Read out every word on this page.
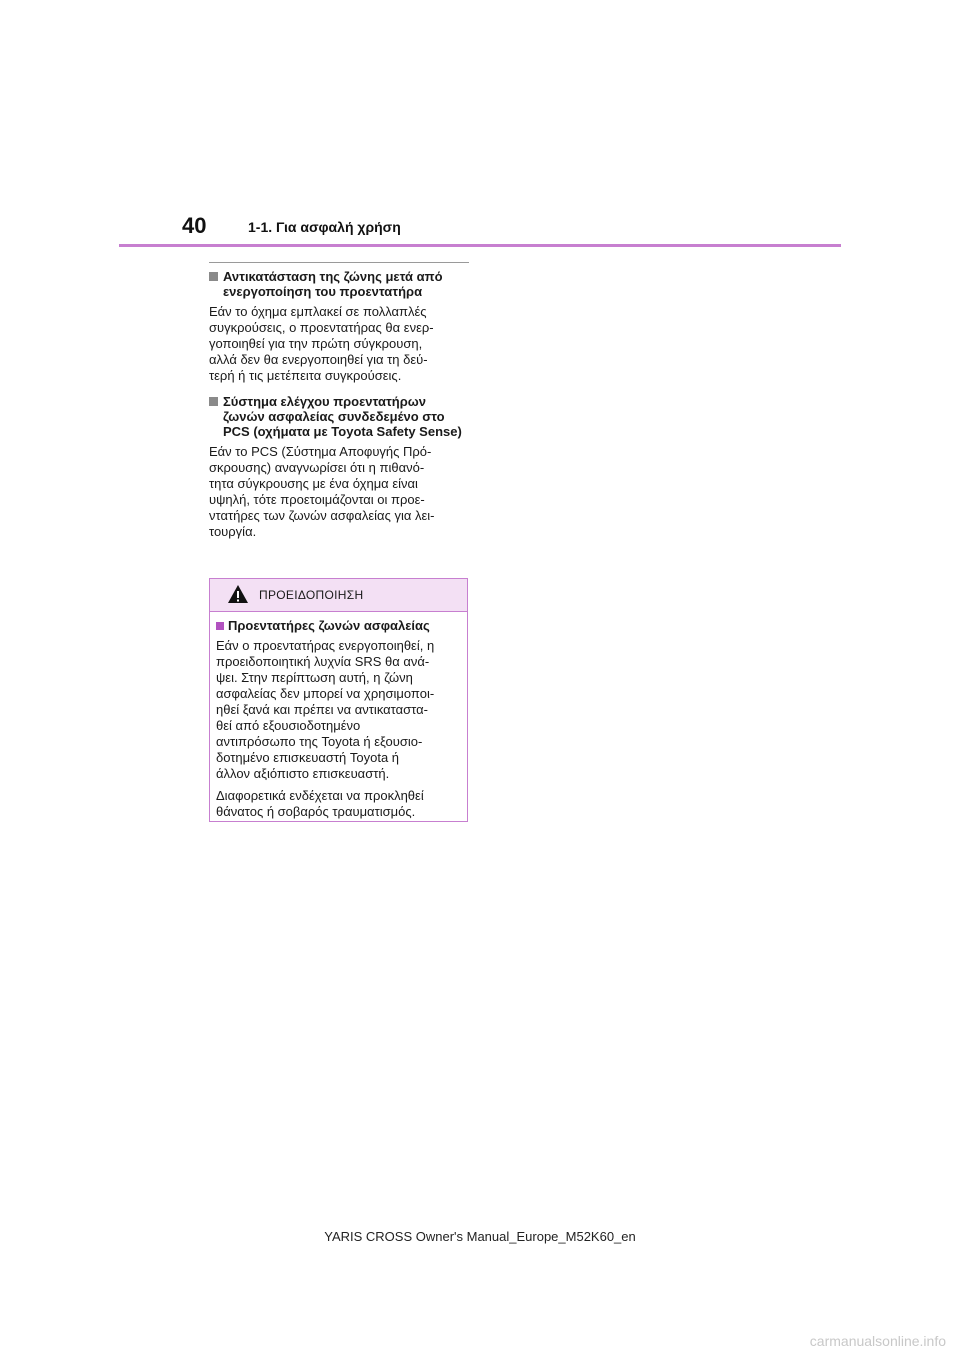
40	1-1. Για ασφαλή χρήση
Αντικατάσταση της ζώνης μετά από ενεργοποίηση του προεντατήρα

Εάν το όχημα εμπλακεί σε πολλαπλές
συγκρούσεις, ο προεντατήρας θα ενερ-
γοποιηθεί για την πρώτη σύγκρουση,
αλλά δεν θα ενεργοποιηθεί για τη δεύ-
τερή ή τις μετέπειτα συγκρούσεις.

Σύστημα ελέγχου προεντατήρων ζωνών ασφαλείας συνδεδεμένο στο PCS (οχήματα με Toyota Safety Sense)

Εάν το PCS (Σύστημα Αποφυγής Πρό-
σκρουσης) αναγνωρίσει ότι η πιθανό-
τητα σύγκρουσης με ένα όχημα είναι
υψηλή, τότε προετοιμάζονται οι προε-
ντατήρες των ζωνών ασφαλείας για λει-
τουργία.

ΠΡΟΕΙΔΟΠΟΙΗΣΗ
Προεντατήρες ζωνών ασφαλείας

Εάν ο προεντατήρας ενεργοποιηθεί, η
προειδοποιητική λυχνία SRS θα ανά-
ψει. Στην περίπτωση αυτή, η ζώνη
ασφαλείας δεν μπορεί να χρησιμοποι-
ηθεί ξανά και πρέπει να αντικαταστα-
θεί από εξουσιοδοτημένο
αντιπρόσωπο της Toyota ή εξουσιο-
δοτημένο επισκευαστή Toyota ή
άλλον αξιόπιστο επισκευαστή.

Διαφορετικά ενδέχεται να προκληθεί
θάνατος ή σοβαρός τραυματισμός.

YARIS CROSS Owner's Manual_Europe_M52K60_en
carmanualsonline.info
